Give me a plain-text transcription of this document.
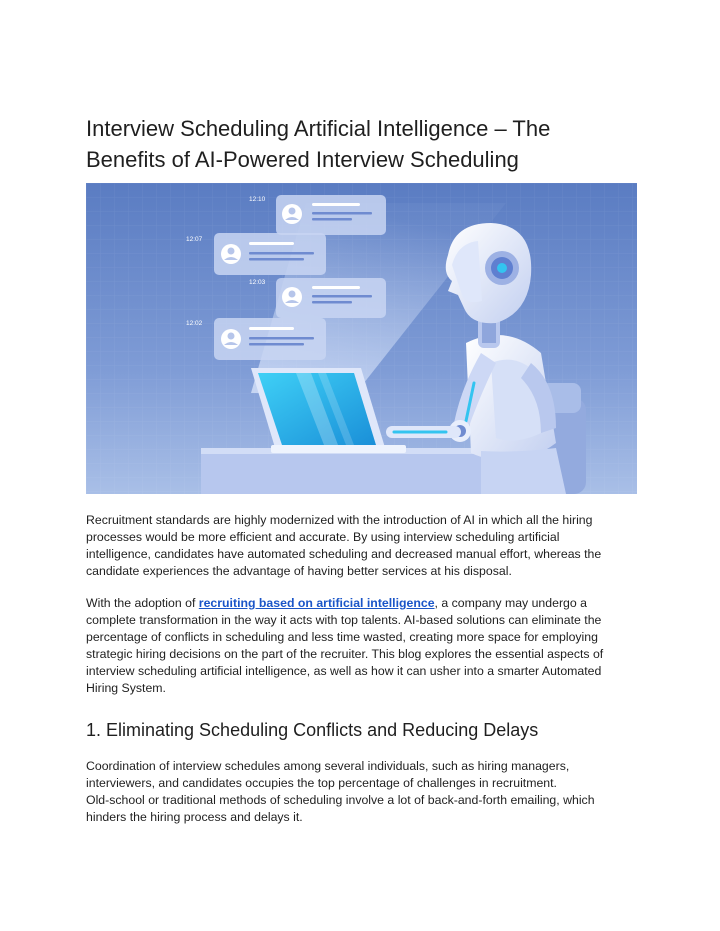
Interview Scheduling Artificial Intelligence – The
Benefits of AI-Powered Interview Scheduling
12:10
12:07
12:03
12:02

Recruitment standards are highly modernized with the introduction of AI in which all the hiring
processes would be more efficient and accurate. By using interview scheduling artificial
intelligence, candidates have automated scheduling and decreased manual effort, whereas the
candidate experiences the advantage of having better services at his disposal.

With the adoption of recruiting based on artificial intelligence, a company may undergo a
complete transformation in the way it acts with top talents. AI-based solutions can eliminate the
percentage of conflicts in scheduling and less time wasted, creating more space for employing
strategic hiring decisions on the part of the recruiter. This blog explores the essential aspects of
interview scheduling artificial intelligence, as well as how it can usher into a smarter Automated
Hiring System.

1. Eliminating Scheduling Conflicts and Reducing Delays

Coordination of interview schedules among several individuals, such as hiring managers,
interviewers, and candidates occupies the top percentage of challenges in recruitment.
Old-school or traditional methods of scheduling involve a lot of back-and-forth emailing, which
hinders the hiring process and delays it.
